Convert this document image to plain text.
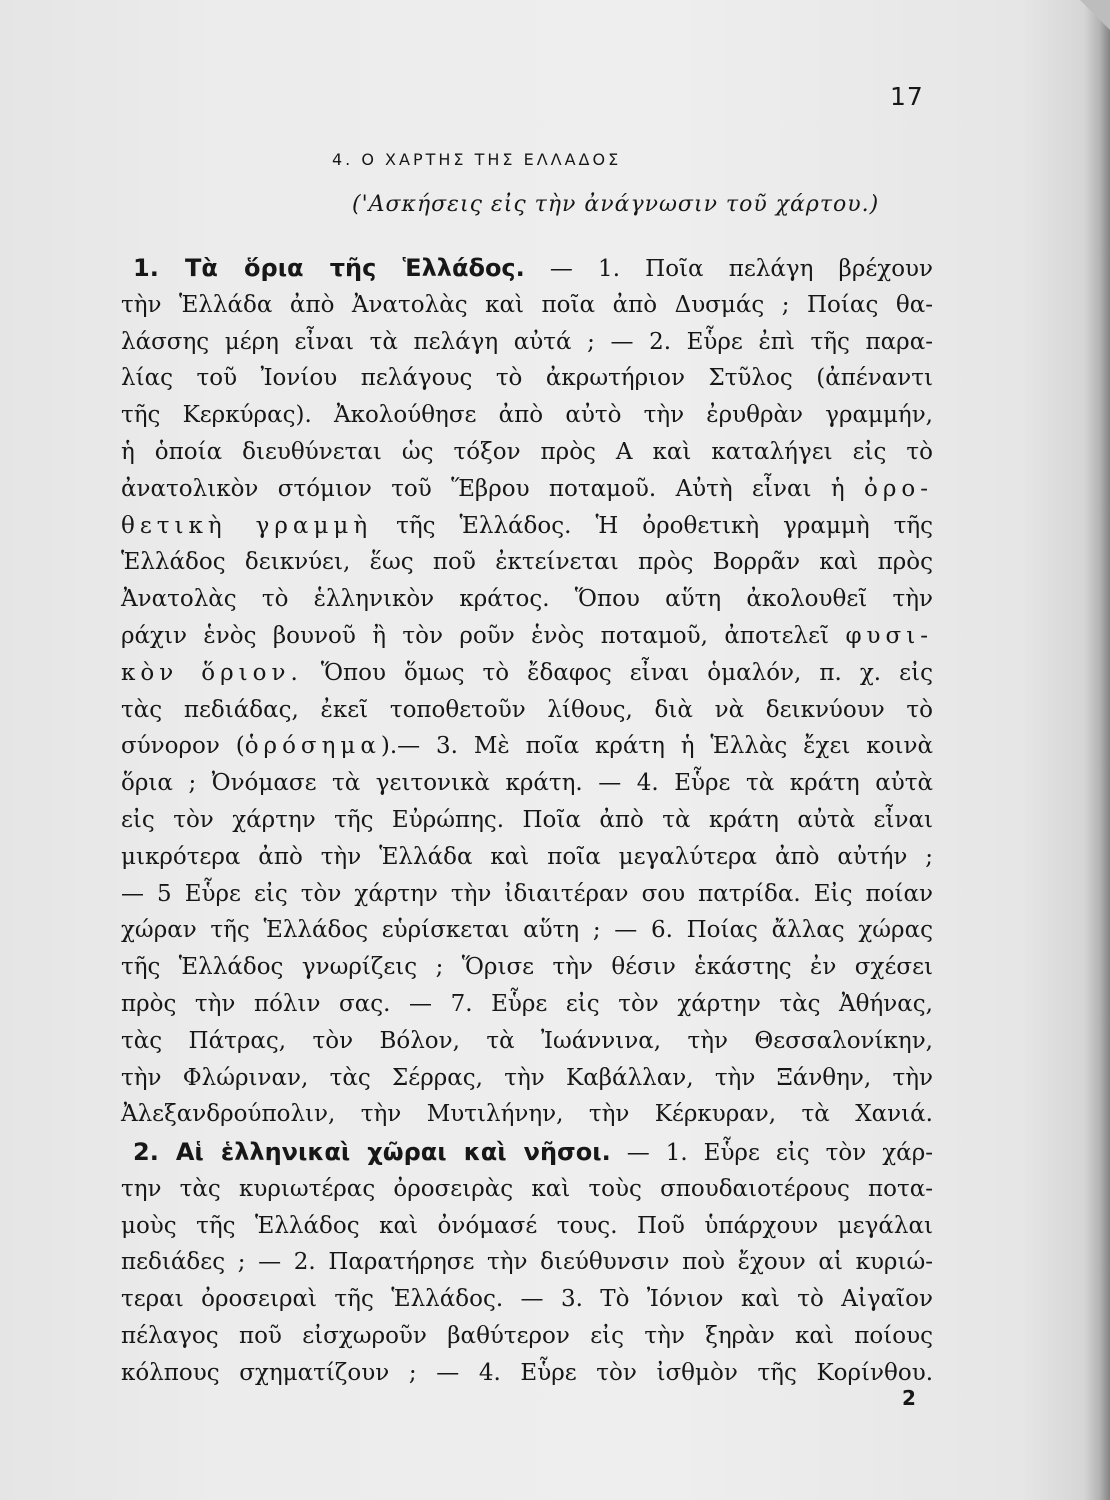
17
4. Ο ΧΑΡΤΗΣ ΤΗΣ ΕΛΛΑΔΟΣ
('Ασκήσεις εἰς τὴν ἀνάγνωσιν τοῦ χάρτου.)
1. Τὰ ὅρια τῆς Ἑλλάδος. — 1. Ποῖα πελάγη βρέχουν
τὴν Ἑλλάδα ἀπὸ Ἀνατολὰς καὶ ποῖα ἀπὸ Δυσμάς ; Ποίας θα-
λάσσης μέρη εἶναι τὰ πελάγη αὐτά ; — 2. Εὗρε ἐπὶ τῆς παρα-
λίας τοῦ Ἰονίου πελάγους τὸ ἀκρωτήριον Στῦλος (ἀπέναντι
τῆς Κερκύρας). Ἀκολούθησε ἀπὸ αὐτὸ τὴν ἐρυθρὰν γραμμήν,
ἡ ὁποία διευθύνεται ὡς τόξον πρὸς Α καὶ καταλήγει εἰς τὸ
ἀνατολικὸν στόμιον τοῦ Ἕβρου ποταμοῦ. Αὐτὴ εἶναι ἡ ὀρο-
θετικὴ γραμμὴ τῆς Ἑλλάδος. Ἡ ὀροθετικὴ γραμμὴ τῆς
Ἑλλάδος δεικνύει, ἕως ποῦ ἐκτείνεται πρὸς Βορρᾶν καὶ πρὸς
Ἀνατολὰς τὸ ἑλληνικὸν κράτος. Ὅπου αὕτη ἀκολουθεῖ τὴν
ράχιν ἑνὸς βουνοῦ ἢ τὸν ροῦν ἑνὸς ποταμοῦ, ἀποτελεῖ φυσι-
κὸν ὅριον. Ὅπου ὅμως τὸ ἔδαφος εἶναι ὁμαλόν, π. χ. εἰς
τὰς πεδιάδας, ἐκεῖ τοποθετοῦν λίθους, διὰ νὰ δεικνύουν τὸ
σύνορον (ὁρόσημα).— 3. Μὲ ποῖα κράτη ἡ Ἑλλὰς ἔχει κοινὰ
ὅρια ; Ὀνόμασε τὰ γειτονικὰ κράτη. — 4. Εὗρε τὰ κράτη αὐτὰ
εἰς τὸν χάρτην τῆς Εὐρώπης. Ποῖα ἀπὸ τὰ κράτη αὐτὰ εἶναι
μικρότερα ἀπὸ τὴν Ἑλλάδα καὶ ποῖα μεγαλύτερα ἀπὸ αὐτήν ;
— 5 Εὗρε εἰς τὸν χάρτην τὴν ἰδιαιτέραν σου πατρίδα. Εἰς ποίαν
χώραν τῆς Ἑλλάδος εὑρίσκεται αὕτη ; — 6. Ποίας ἄλλας χώρας
τῆς Ἑλλάδος γνωρίζεις ; Ὅρισε τὴν θέσιν ἑκάστης ἐν σχέσει
πρὸς τὴν πόλιν σας. — 7. Εὗρε εἰς τὸν χάρτην τὰς Ἀθήνας,
τὰς Πάτρας, τὸν Βόλον, τὰ Ἰωάννινα, τὴν Θεσσαλονίκην,
τὴν Φλώριναν, τὰς Σέρρας, τὴν Καβάλλαν, τὴν Ξάνθην, τὴν
Ἀλεξανδρούπολιν, τὴν Μυτιλήνην, τὴν Κέρκυραν, τὰ Χανιά.
2. Αἱ ἑλληνικαὶ χῶραι καὶ νῆσοι. — 1. Εὗρε εἰς τὸν χάρ-
την τὰς κυριωτέρας ὀροσειρὰς καὶ τοὺς σπουδαιοτέρους ποτα-
μοὺς τῆς Ἑλλάδος καὶ ὀνόμασέ τους. Ποῦ ὑπάρχουν μεγάλαι
πεδιάδες ; — 2. Παρατήρησε τὴν διεύθυνσιν ποὺ ἔχουν αἱ κυριώ-
τεραι ὀροσειραὶ τῆς Ἑλλάδος. — 3. Τὸ Ἰόνιον καὶ τὸ Αἰγαῖον
πέλαγος ποῦ εἰσχωροῦν βαθύτερον εἰς τὴν ξηρὰν καὶ ποίους
κόλπους σχηματίζουν ; — 4. Εὗρε τὸν ἰσθμὸν τῆς Κορίνθου.
2
